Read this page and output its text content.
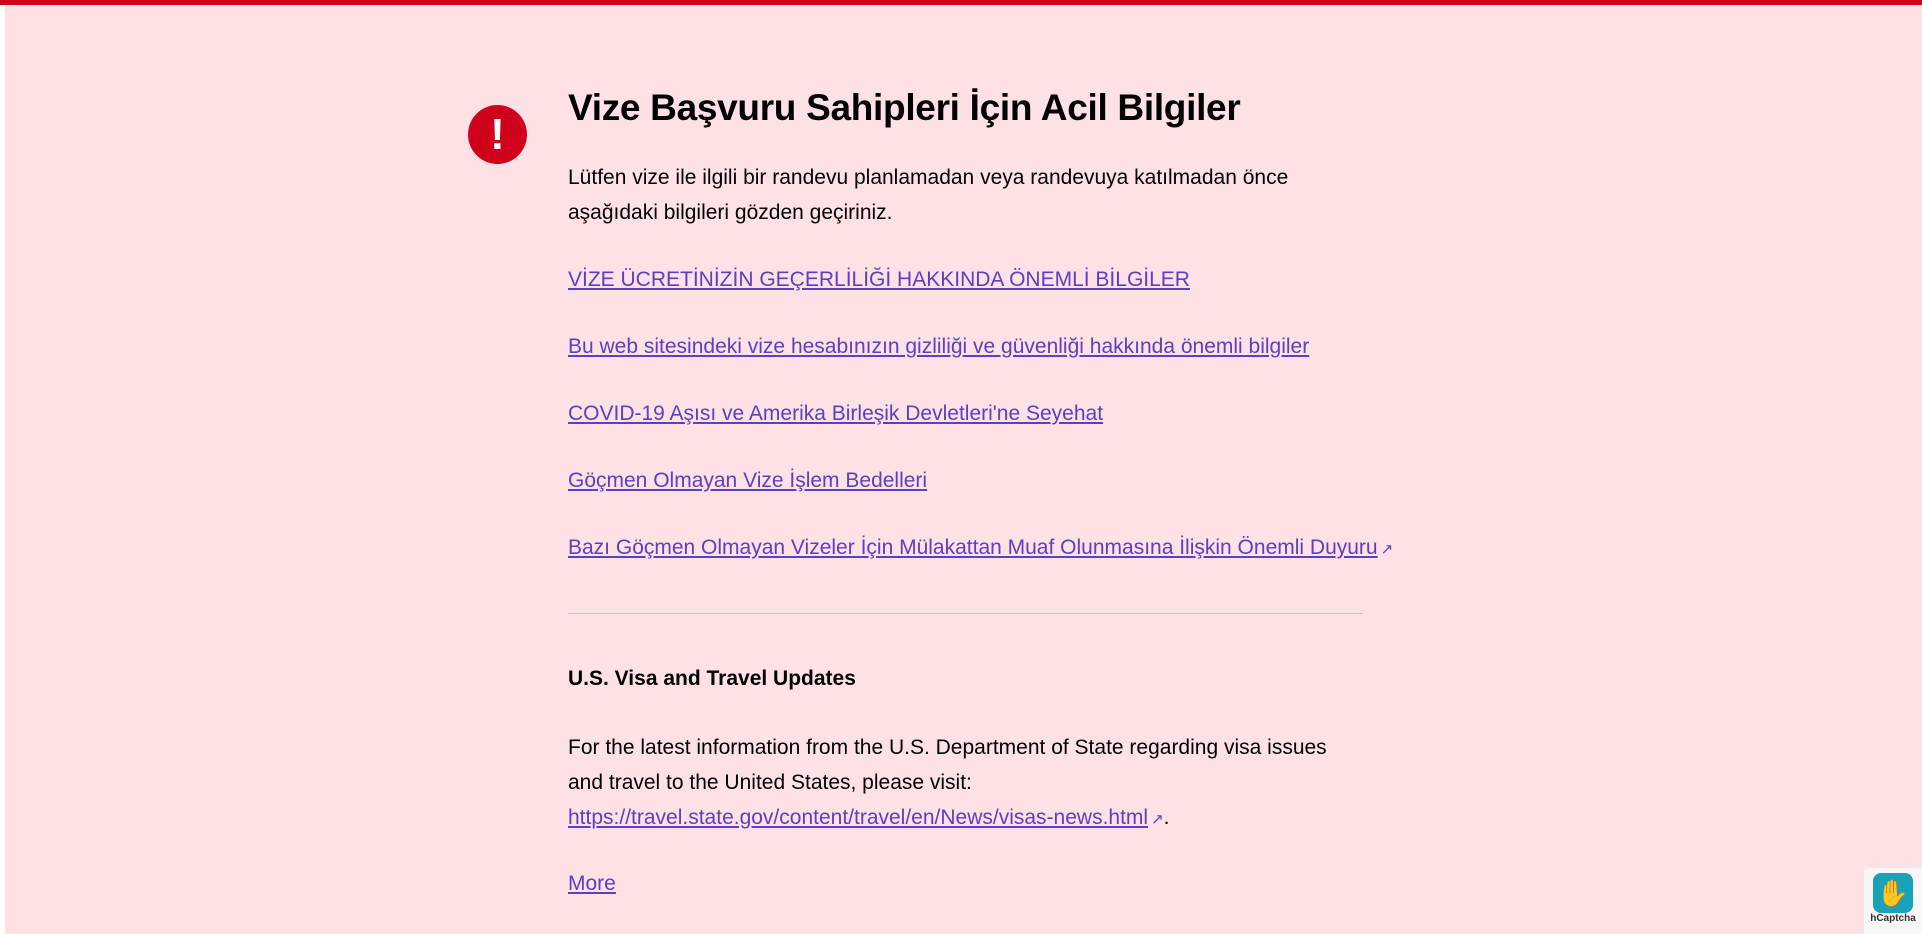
!
Vize Başvuru Sahipleri İçin Acil Bilgiler

Lütfen vize ile ilgili bir randevu planlamadan veya randevuya katılmadan önce aşağıdaki bilgileri gözden geçiriniz.

VİZE ÜCRETİNİZİN GEÇERLİLİĞİ HAKKINDA ÖNEMLİ BİLGİLER
Bu web sitesindeki vize hesabınızın gizliliği ve güvenliği hakkında önemli bilgiler
COVID-19 Aşısı ve Amerika Birleşik Devletleri'ne Seyehat
Göçmen Olmayan Vize İşlem Bedelleri
Bazı Göçmen Olmayan Vizeler İçin Mülakattan Muaf Olunmasına İlişkin Önemli Duyuru ↗
U.S. Visa and Travel Updates

For the latest information from the U.S. Department of State regarding visa issues and travel to the United States, please visit:
https://travel.state.gov/content/travel/en/News/visas-news.html ↗.

More	✋
hCaptcha
